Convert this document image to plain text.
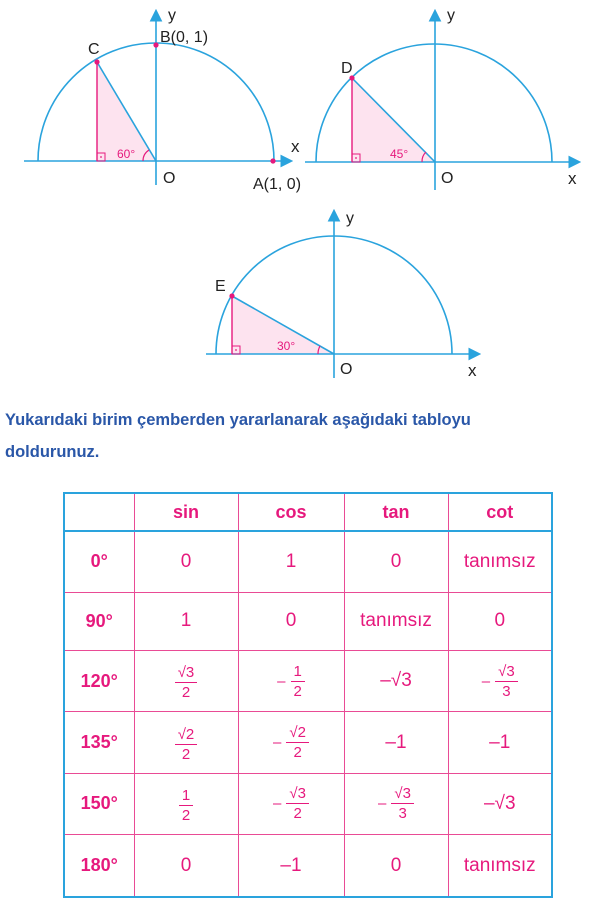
y
B(0, 1)
C
60°	x
O	A(1, 0)
y
D
45°
O	x
y
E
30°
O	x
Yukarıdaki birim çemberden yararlanarak aşağıdaki tabloyu
doldurunuz.
	sin	cos	tan	cot
0°	0	1	0	tanımsız
90°	1	0	tanımsız	0
120°	$\frac{√3}{2}$	– $\frac{1}{2}$	–√3	– $\frac{√3}{3}$

135°	$\frac{√2}{2}$	– $\frac{√2}{2}$	–1	–1
150°	$\frac{1}{2}$	– $\frac{√3}{2}$	– $\frac{√3}{3}$	–√3
180°	0	–1	0	tanımsız
